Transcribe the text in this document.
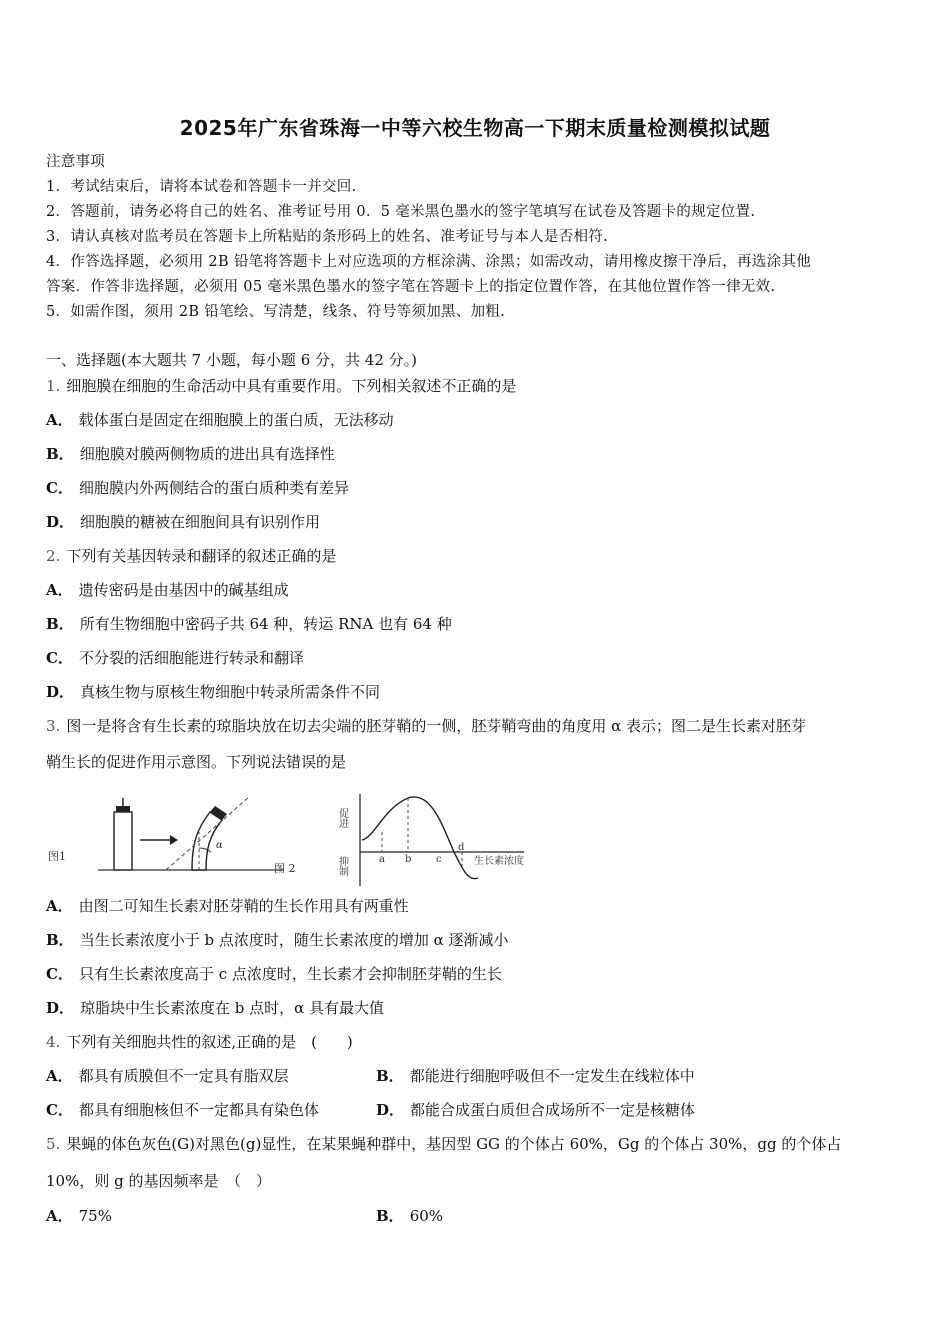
2025年广东省珠海一中等六校生物高一下期末质量检测模拟试题
注意事项
1．考试结束后，请将本试卷和答题卡一并交回.
2．答题前，请务必将自己的姓名、准考证号用 0．5 毫米黑色墨水的签字笔填写在试卷及答题卡的规定位置.
3．请认真核对监考员在答题卡上所粘贴的条形码上的姓名、准考证号与本人是否相符.
4．作答选择题，必须用 2B 铅笔将答题卡上对应选项的方框涂满、涂黑；如需改动，请用橡皮擦干净后，再选涂其他
答案．作答非选择题，必须用 05 毫米黑色墨水的签字笔在答题卡上的指定位置作答，在其他位置作答一律无效.
5．如需作图，须用 2B 铅笔绘、写清楚，线条、符号等须加黑、加粗.
一、选择题(本大题共 7 小题，每小题 6 分，共 42 分。)
1. 细胞膜在细胞的生命活动中具有重要作用。下列相关叙述不正确的是
A． 载体蛋白是固定在细胞膜上的蛋白质，无法移动
B． 细胞膜对膜两侧物质的进出具有选择性
C． 细胞膜内外两侧结合的蛋白质种类有差异
D． 细胞膜的糖被在细胞间具有识别作用
2. 下列有关基因转录和翻译的叙述正确的是
A． 遗传密码是由基因中的碱基组成
B． 所有生物细胞中密码子共 64 种，转运 RNA 也有 64 种
C． 不分裂的活细胞能进行转录和翻译
D． 真核生物与原核生物细胞中转录所需条件不同
3. 图一是将含有生长素的琼脂块放在切去尖端的胚芽鞘的一侧，胚芽鞘弯曲的角度用 α 表示；图二是生长素对胚芽
鞘生长的促进作用示意图。下列说法错误的是
图1
α
图 2
促进
抑制	a b c
d
生长素浓度
A． 由图二可知生长素对胚芽鞘的生长作用具有两重性
B． 当生长素浓度小于 b 点浓度时，随生长素浓度的增加 α 逐渐减小
C． 只有生长素浓度高于 c 点浓度时，生长素才会抑制胚芽鞘的生长
D． 琼脂块中生长素浓度在 b 点时，α 具有最大值
4. 下列有关细胞共性的叙述,正确的是　(　　)
A． 都具有质膜但不一定具有脂双层	B． 都能进行细胞呼吸但不一定发生在线粒体中
C． 都具有细胞核但不一定都具有染色体	D． 都能合成蛋白质但合成场所不一定是核糖体
5. 果蝇的体色灰色(G)对黑色(g)显性，在某果蝇种群中，基因型 GG 的个体占 60%，Gg 的个体占 30%，gg 的个体占
10%，则 g 的基因频率是　（　）
A． 75%	B． 60%
